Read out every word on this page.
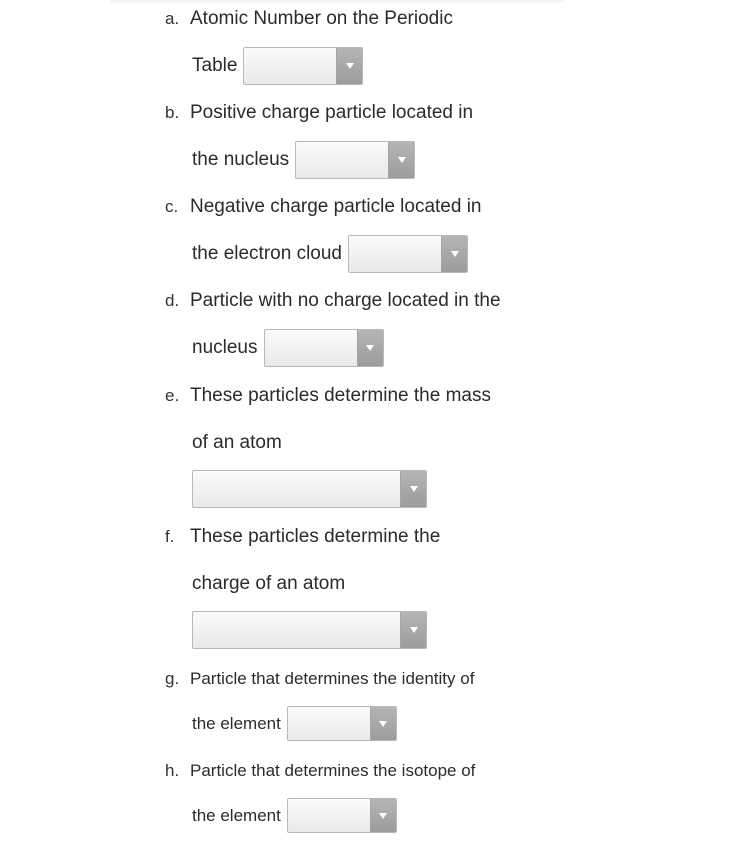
a. Atomic Number on the Periodic
Table
b. Positive charge particle located in
the nucleus
c. Negative charge particle located in
the electron cloud
d. Particle with no charge located in the
nucleus
e. These particles determine the mass
of an atom
f. These particles determine the
charge of an atom
g. Particle that determines the identity of
the element
h. Particle that determines the isotope of
the element
